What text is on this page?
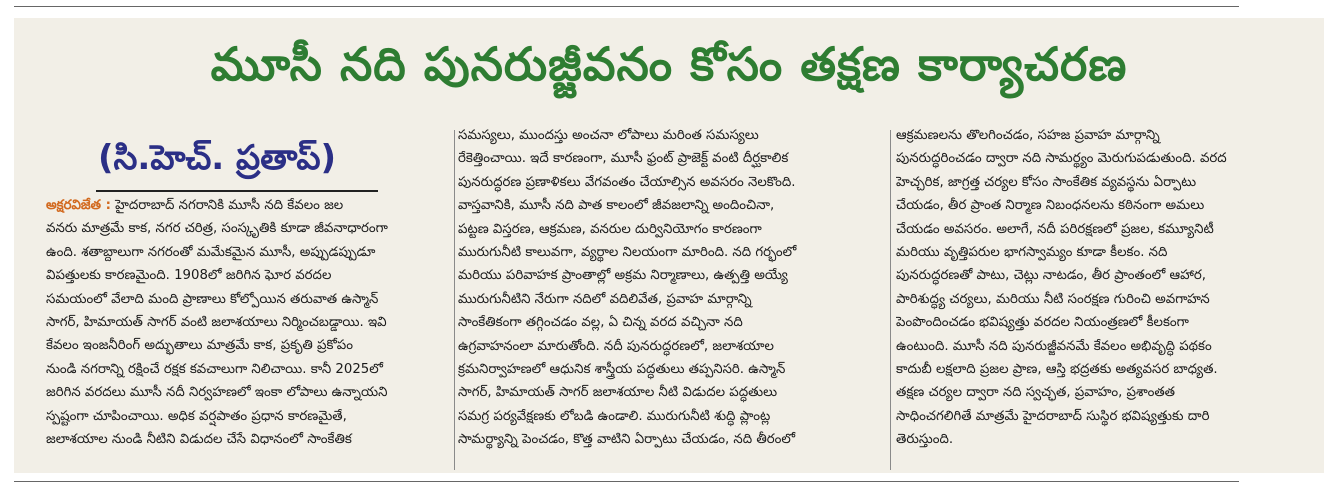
మూసీ నది పునరుజ్జీవనం కోసం తక్షణ కార్యాచరణ
(సి.హెచ్. ప్రతాప్)
అక్షరవిజేత : హైదరాబాద్ నగరానికి మూసీ నది కేవలం జల
వనరు మాత్రమే కాక, నగర చరిత్ర, సంస్కృతికి కూడా జీవనాధారంగా
ఉంది. శతాబ్దాలుగా నగరంతో మమేకమైన మూసీ, అప్పుడప్పుడూ
విపత్తులకు కారణమైంది. 1908లో జరిగిన ఘోర వరదల
సమయంలో వేలాది మంది ప్రాణాలు కోల్పోయిన తరువాత ఉస్మాన్
సాగర్, హిమాయత్ సాగర్ వంటి జలాశయాలు నిర్మించబడ్డాయి. ఇవి
కేవలం ఇంజనీరింగ్ అద్భుతాలు మాత్రమే కాక, ప్రకృతి ప్రకోపం
నుండి నగరాన్ని రక్షించే రక్షక కవచాలుగా నిలిచాయి. కానీ 2025లో
జరిగిన వరదలు మూసీ నదీ నిర్వహణలో ఇంకా లోపాలు ఉన్నాయని
స్పష్టంగా చూపించాయి. అధిక వర్షపాతం ప్రధాన కారణమైతే,
జలాశయాల నుండి నీటిని విడుదల చేసే విధానంలో సాంకేతిక
సమస్యలు, ముందస్తు అంచనా లోపాలు మరింత సమస్యలు
రేకెత్తించాయి. ఇదే కారణంగా, మూసీ ఫ్రంట్ ప్రాజెక్ట్ వంటి దీర్ఘకాలిక
పునరుద్ధరణ ప్రణాళికలు వేగవంతం చేయాల్సిన అవసరం నెలకొంది.
వాస్తవానికి, మూసీ నది పాత కాలంలో జీవజలాన్ని అందించినా,
పట్టణ విస్తరణ, ఆక్రమణ, వనరుల దుర్వినియోగం కారణంగా
మురుగునీటి కాలువగా, వ్యర్థాల నిలయంగా మారింది. నది గర్భంలో
మరియు పరివాహక ప్రాంతాల్లో అక్రమ నిర్మాణాలు, ఉత్పత్తి అయ్యే
మురుగునీటిని నేరుగా నదిలో వదిలివేత, ప్రవాహ మార్గాన్ని
సాంకేతికంగా తగ్గించడం వల్ల, ఏ చిన్న వరద వచ్చినా నది
ఉగ్రవాహనంలా మారుతోంది. నదీ పునరుద్ధరణలో, జలాశయాల
క్రమనిర్వాహణలో ఆధునిక శాస్త్రీయ పద్ధతులు తప్పనిసరి. ఉస్మాన్
సాగర్, హిమాయత్ సాగర్ జలాశయాల నీటి విడుదల పద్ధతులు
సమగ్ర పర్యవేక్షణకు లోబడి ఉండాలి. మురుగునీటి శుద్ధి ప్లాంట్ల
సామర్థ్యాన్ని పెంచడం, కొత్త వాటిని ఏర్పాటు చేయడం, నది తీరంలో
ఆక్రమణలను తొలగించడం, సహజ ప్రవాహ మార్గాన్ని
పునరుద్ధరించడం ద్వారా నది సామర్థ్యం మెరుగుపడుతుంది. వరద
హెచ్చరిక, జాగ్రత్త చర్యల కోసం సాంకేతిక వ్యవస్థను ఏర్పాటు
చేయడం, తీర ప్రాంత నిర్మాణ నిబంధనలను కఠినంగా అమలు
చేయడం అవసరం. అలాగే, నదీ పరిరక్షణలో ప్రజల, కమ్యూనిటీ
మరియు వృత్తిపరుల భాగస్వామ్యం కూడా కీలకం. నది
పునరుద్ధరణతో పాటు, చెట్లు నాటడం, తీర ప్రాంతంలో ఆహార,
పారిశుద్ధ్య చర్యలు, మరియు నీటి సంరక్షణ గురించి అవగాహన
పెంపొందించడం భవిష్యత్తు వరదల నియంత్రణలో కీలకంగా
ఉంటుంది. మూసీ నది పునరుజ్జీవనమే కేవలం అభివృద్ధి పథకం
కాదుబీ లక్షలాది ప్రజల ప్రాణ, ఆస్తి భద్రతకు అత్యవసర బాధ్యత.
తక్షణ చర్యల ద్వారా నది స్వచ్ఛత, ప్రవాహం, ప్రశాంతత
సాధించగలిగితే మాత్రమే హైదరాబాద్ సుస్థిర భవిష్యత్తుకు దారి
తెరుస్తుంది.
